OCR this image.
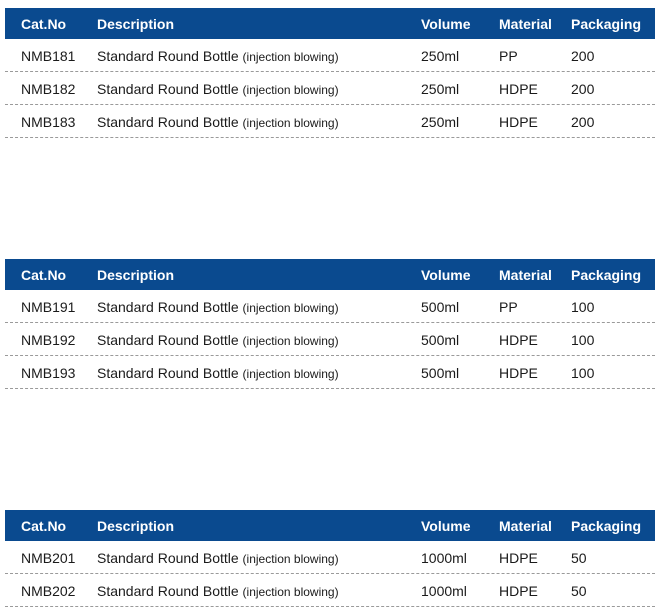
Cat.No Description	Volume Material Packaging
NMB181 Standard Round Bottle (injection blowing)	250ml	PP	200
NMB182 Standard Round Bottle (injection blowing)	250ml	HDPE 200
NMB183 Standard Round Bottle (injection blowing)	250ml	HDPE 200
Cat.No Description	Volume Material Packaging
NMB191 Standard Round Bottle (injection blowing)	500ml	PP	100
NMB192 Standard Round Bottle (injection blowing)	500ml	HDPE 100
NMB193 Standard Round Bottle (injection blowing)	500ml	HDPE 100
Cat.No Description	Volume Material Packaging
NMB201 Standard Round Bottle (injection blowing)	1000ml HDPE 50
NMB202 Standard Round Bottle (injection blowing)	1000ml HDPE 50
